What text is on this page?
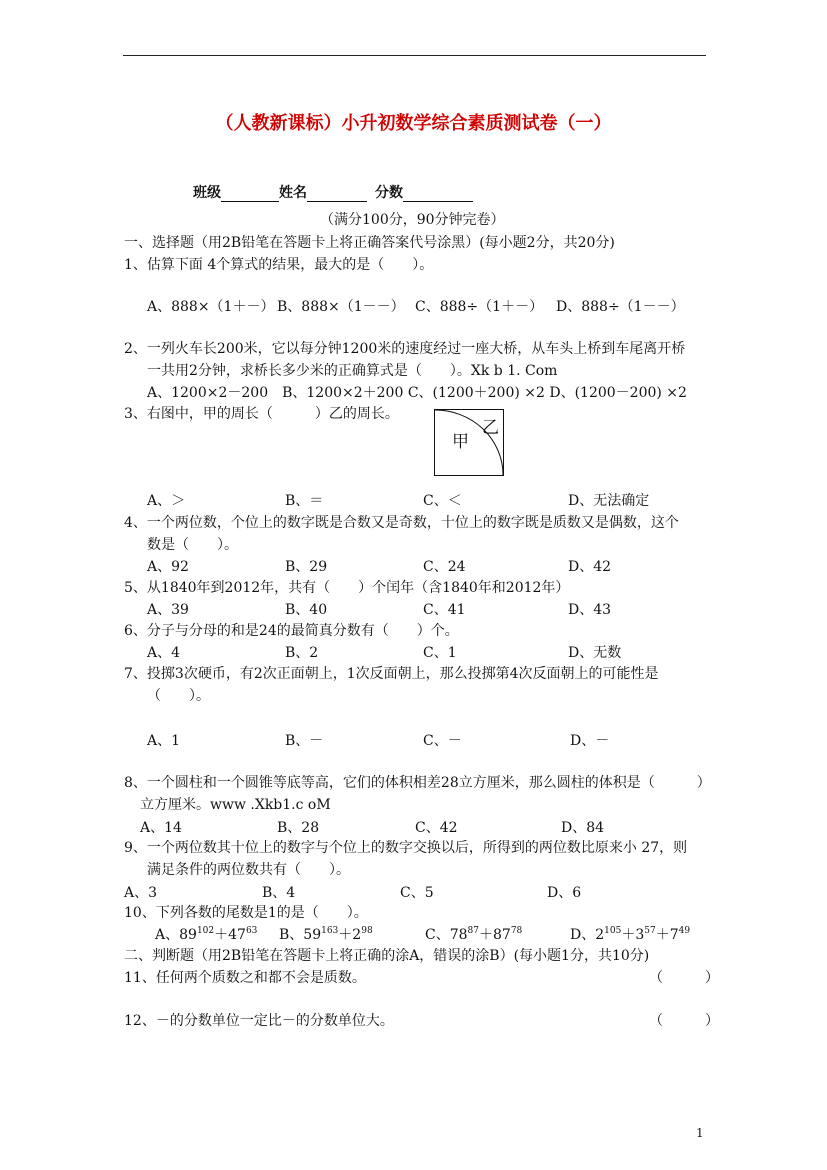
（人教新课标）小升初数学综合素质测试卷（一）
班级	姓名	分数
（满分100分，90分钟完卷）
一、选择题（用2B铅笔在答题卡上将正确答案代号涂黑）(每小题2分，共20分)
1、估算下面 4个算式的结果，最大的是（　　）。
A、888×（1＋－） B、888×（1－－） C、888÷（1＋－） D、888÷（1－－）
2、一列火车长200米，它以每分钟1200米的速度经过一座大桥，从车头上桥到车尾离开桥
一共用2分钟，求桥长多少米的正确算式是（　　）。Xk b 1. Com
A、1200×2－200　B、1200×2＋200 C、(1200＋200) ×2 D、(1200－200) ×2
3、右图中，甲的周长（　　　）乙的周长。
甲
乙
A、＞	B、＝	C、＜	D、无法确定
4、一个两位数，个位上的数字既是合数又是奇数，十位上的数字既是质数又是偶数，这个
数是（　　）。
A、92	B、29	C、24	D、42
5、从1840年到2012年，共有（　　）个闰年（含1840年和2012年）
A、39	B、40	C、41	D、43
6、分子与分母的和是24的最简真分数有（　　）个。
A、4	B、2	C、1	D、无数
7、投掷3次硬币，有2次正面朝上，1次反面朝上，那么投掷第4次反面朝上的可能性是
（　　）。
A、1	B、－	C、－	D、－
8、一个圆柱和一个圆锥等底等高，它们的体积相差28立方厘米，那么圆柱的体积是（　　　）
立方厘米。www .Xkb1.c oM
A、14	B、28	C、42	D、84
9、一个两位数其十位上的数字与个位上的数字交换以后，所得到的两位数比原来小 27，则
满足条件的两位数共有（　　）。
A、3	B、4	C、5	D、6
10、下列各数的尾数是1的是（　　）。
A、$89^{102}+47^{63}$ B、$59^{163}+2^{98}$	C、$78^{87}+87^{78}$	D、$2^{105}+3^{57}+7^{49}$
二、判断题（用2B铅笔在答题卡上将正确的涂A，错误的涂B）(每小题1分，共10分)
11、任何两个质数之和都不会是质数。	（　　　）
12、－的分数单位一定比－的分数单位大。	（　　　）
1
